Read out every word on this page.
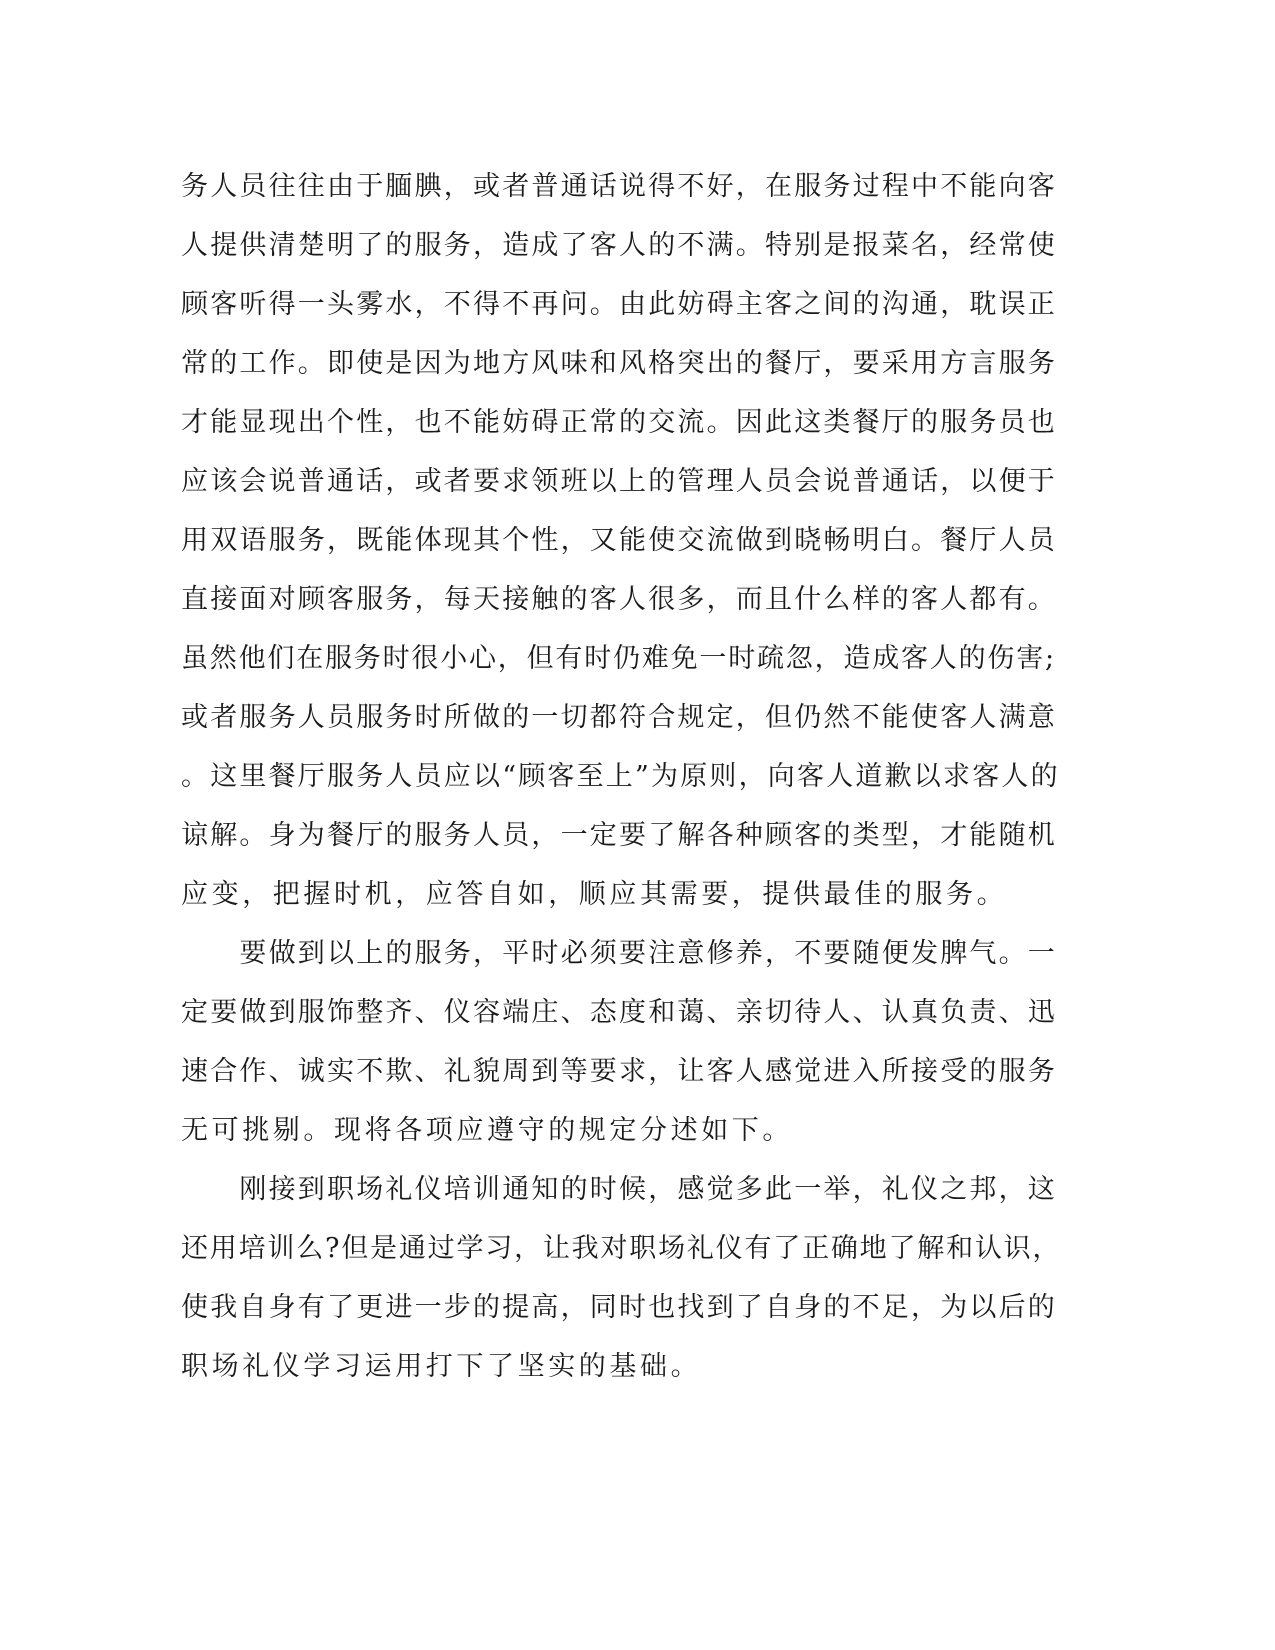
务人员往往由于腼腆，或者普通话说得不好，在服务过程中不能向客
人提供清楚明了的服务，造成了客人的不满。特别是报菜名，经常使
顾客听得一头雾水，不得不再问。由此妨碍主客之间的沟通，耽误正
常的工作。即使是因为地方风味和风格突出的餐厅，要采用方言服务
才能显现出个性，也不能妨碍正常的交流。因此这类餐厅的服务员也
应该会说普通话，或者要求领班以上的管理人员会说普通话，以便于
用双语服务，既能体现其个性，又能使交流做到晓畅明白。餐厅人员
直接面对顾客服务，每天接触的客人很多，而且什么样的客人都有。
虽然他们在服务时很小心，但有时仍难免一时疏忽，造成客人的伤害;
或者服务人员服务时所做的一切都符合规定，但仍然不能使客人满意
。这里餐厅服务人员应以“顾客至上”为原则，向客人道歉以求客人的
谅解。身为餐厅的服务人员，一定要了解各种顾客的类型，才能随机
应变，把握时机，应答自如，顺应其需要，提供最佳的服务。
　　要做到以上的服务，平时必须要注意修养，不要随便发脾气。一
定要做到服饰整齐、仪容端庄、态度和蔼、亲切待人、认真负责、迅
速合作、诚实不欺、礼貌周到等要求，让客人感觉进入所接受的服务
无可挑剔。现将各项应遵守的规定分述如下。
　　刚接到职场礼仪培训通知的时候，感觉多此一举，礼仪之邦，这
还用培训么?但是通过学习，让我对职场礼仪有了正确地了解和认识，
使我自身有了更进一步的提高，同时也找到了自身的不足，为以后的
职场礼仪学习运用打下了坚实的基础。
